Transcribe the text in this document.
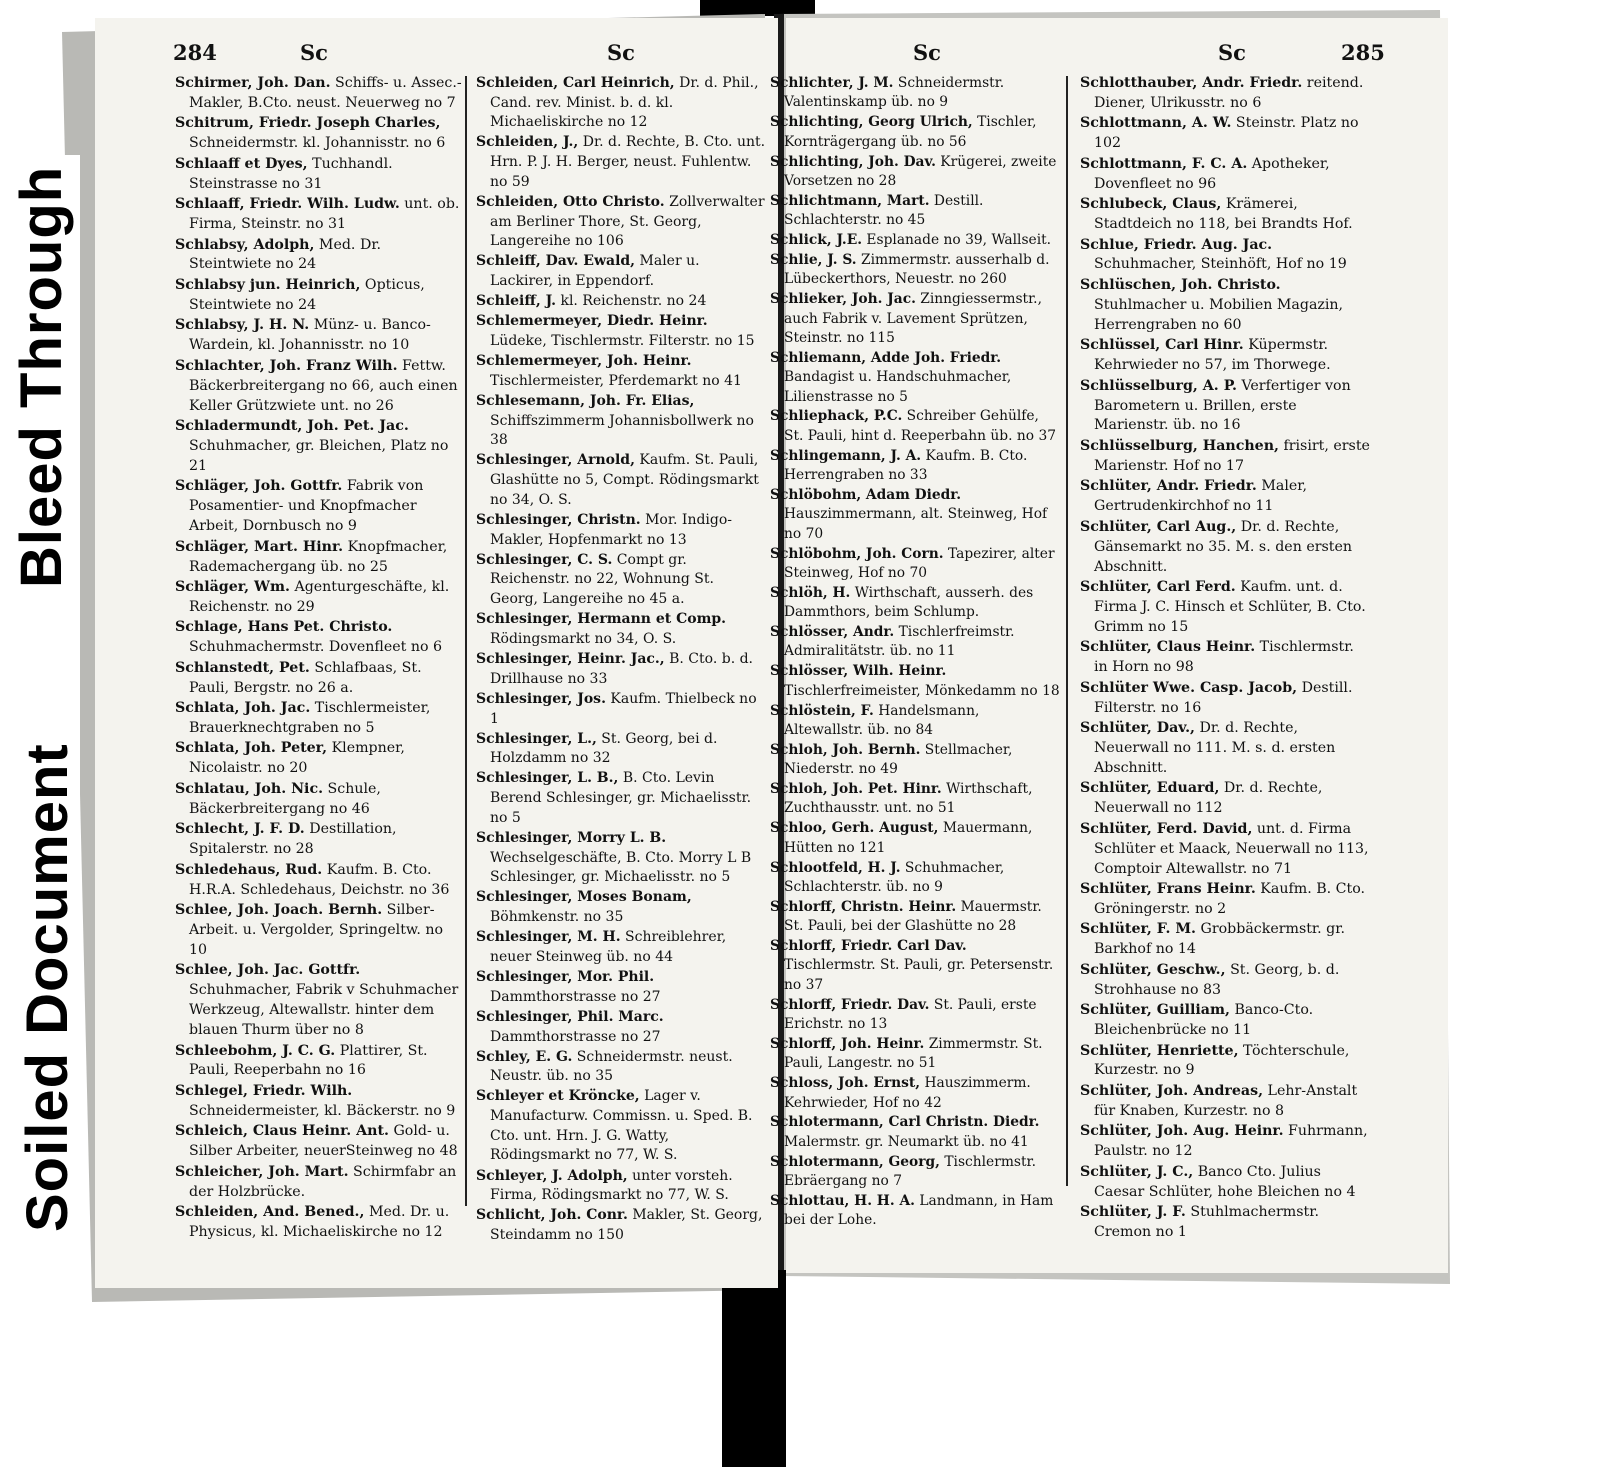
Bleed Through
Soiled Document
284	Sc	Sc
Schirmer, Joh. Dan. Schiffs- u. Assec.-Makler, B.Cto. neust. Neuerweg no 7
Schitrum, Friedr. Joseph Charles, Schneidermstr. kl. Johannisstr. no 6
Schlaaff et Dyes, Tuchhandl. Steinstrasse no 31
Schlaaff, Friedr. Wilh. Ludw. unt. ob. Firma, Steinstr. no 31
Schlabsy, Adolph, Med. Dr. Steintwiete no 24
Schlabsy jun. Heinrich, Opticus, Steintwiete no 24
Schlabsy, J. H. N. Münz- u. Banco-Wardein, kl. Johannisstr. no 10
Schlachter, Joh. Franz Wilh. Fettw. Bäckerbreitergang no 66, auch einen Keller Grützwiete unt. no 26
Schladermundt, Joh. Pet. Jac. Schuhmacher, gr. Bleichen, Platz no 21
Schläger, Joh. Gottfr. Fabrik von Posamentier- und Knopfmacher Arbeit, Dornbusch no 9
Schläger, Mart. Hinr. Knopfmacher, Rademachergang üb. no 25
Schläger, Wm. Agenturgeschäfte, kl. Reichenstr. no 29
Schlage, Hans Pet. Christo. Schuhmachermstr. Dovenfleet no 6
Schlanstedt, Pet. Schlafbaas, St. Pauli, Bergstr. no 26 a.
Schlata, Joh. Jac. Tischlermeister, Brauerknechtgraben no 5
Schlata, Joh. Peter, Klempner, Nicolaistr. no 20
Schlatau, Joh. Nic. Schule, Bäckerbreitergang no 46
Schlecht, J. F. D. Destillation, Spitalerstr. no 28
Schledehaus, Rud. Kaufm. B. Cto. H.R.A. Schledehaus, Deichstr. no 36
Schlee, Joh. Joach. Bernh. Silber-Arbeit. u. Vergolder, Springeltw. no 10
Schlee, Joh. Jac. Gottfr. Schuhmacher, Fabrik v Schuhmacher Werkzeug, Altewallstr. hinter dem blauen Thurm über no 8
Schleebohm, J. C. G. Plattirer, St. Pauli, Reeperbahn no 16
Schlegel, Friedr. Wilh. Schneidermeister, kl. Bäckerstr. no 9
Schleich, Claus Heinr. Ant. Gold- u. Silber Arbeiter, neuerSteinweg no 48
Schleicher, Joh. Mart. Schirmfabr an der Holzbrücke.
Schleiden, And. Bened., Med. Dr. u. Physicus, kl. Michaeliskirche no 12
Schleiden, Carl Heinrich, Dr. d. Phil., Cand. rev. Minist. b. d. kl. Michaeliskirche no 12
Schleiden, J., Dr. d. Rechte, B. Cto. unt. Hrn. P. J. H. Berger, neust. Fuhlentw. no 59
Schleiden, Otto Christo. Zollverwalter am Berliner Thore, St. Georg, Langereihe no 106
Schleiff, Dav. Ewald, Maler u. Lackirer, in Eppendorf.
Schleiff, J. kl. Reichenstr. no 24
Schlemermeyer, Diedr. Heinr. Lüdeke, Tischlermstr. Filterstr. no 15
Schlemermeyer, Joh. Heinr. Tischlermeister, Pferdemarkt no 41
Schlesemann, Joh. Fr. Elias, Schiffszimmerm Johannisbollwerk no 38
Schlesinger, Arnold, Kaufm. St. Pauli, Glashütte no 5, Compt. Rödingsmarkt no 34, O. S.
Schlesinger, Christn. Mor. Indigo-Makler, Hopfenmarkt no 13
Schlesinger, C. S. Compt gr. Reichenstr. no 22, Wohnung St. Georg, Langereihe no 45 a.
Schlesinger, Hermann et Comp. Rödingsmarkt no 34, O. S.
Schlesinger, Heinr. Jac., B. Cto. b. d. Drillhause no 33
Schlesinger, Jos. Kaufm. Thielbeck no 1
Schlesinger, L., St. Georg, bei d. Holzdamm no 32
Schlesinger, L. B., B. Cto. Levin Berend Schlesinger, gr. Michaelisstr. no 5
Schlesinger, Morry L. B. Wechselgeschäfte, B. Cto. Morry L B Schlesinger, gr. Michaelisstr. no 5
Schlesinger, Moses Bonam, Böhmkenstr. no 35
Schlesinger, M. H. Schreiblehrer, neuer Steinweg üb. no 44
Schlesinger, Mor. Phil. Dammthorstrasse no 27
Schlesinger, Phil. Marc. Dammthorstrasse no 27
Schley, E. G. Schneidermstr. neust. Neustr. üb. no 35
Schleyer et Kröncke, Lager v. Manufacturw. Commissn. u. Sped. B. Cto. unt. Hrn. J. G. Watty, Rödingsmarkt no 77, W. S.
Schleyer, J. Adolph, unter vorsteh. Firma, Rödingsmarkt no 77, W. S.
Schlicht, Joh. Conr. Makler, St. Georg, Steindamm no 150
Sc	Sc	285
Schlichter, J. M. Schneidermstr. Valentinskamp üb. no 9
Schlichting, Georg Ulrich, Tischler, Kornträgergang üb. no 56
Schlichting, Joh. Dav. Krügerei, zweite Vorsetzen no 28
Schlichtmann, Mart. Destill. Schlachterstr. no 45
Schlick, J.E. Esplanade no 39, Wallseit.
Schlie, J. S. Zimmermstr. ausserhalb d. Lübeckerthors, Neuestr. no 260
Schlieker, Joh. Jac. Zinngiessermstr., auch Fabrik v. Lavement Sprützen, Steinstr. no 115
Schliemann, Adde Joh. Friedr. Bandagist u. Handschuhmacher, Lilienstrasse no 5
Schliephack, P.C. Schreiber Gehülfe, St. Pauli, hint d. Reeperbahn üb. no 37
Schlingemann, J. A. Kaufm. B. Cto. Herrengraben no 33
Schlöbohm, Adam Diedr. Hauszimmermann, alt. Steinweg, Hof no 70
Schlöbohm, Joh. Corn. Tapezirer, alter Steinweg, Hof no 70
Schlöh, H. Wirthschaft, ausserh. des Dammthors, beim Schlump.
Schlösser, Andr. Tischlerfreimstr. Admiralitätstr. üb. no 11
Schlösser, Wilh. Heinr. Tischlerfreimeister, Mönkedamm no 18
Schlöstein, F. Handelsmann, Altewallstr. üb. no 84
Schloh, Joh. Bernh. Stellmacher, Niederstr. no 49
Schloh, Joh. Pet. Hinr. Wirthschaft, Zuchthausstr. unt. no 51
Schloo, Gerh. August, Mauermann, Hütten no 121
Schlootfeld, H. J. Schuhmacher, Schlachterstr. üb. no 9
Schlorff, Christn. Heinr. Mauermstr. St. Pauli, bei der Glashütte no 28
Schlorff, Friedr. Carl Dav. Tischlermstr. St. Pauli, gr. Petersenstr. no 37
Schlorff, Friedr. Dav. St. Pauli, erste Erichstr. no 13
Schlorff, Joh. Heinr. Zimmermstr. St. Pauli, Langestr. no 51
Schloss, Joh. Ernst, Hauszimmerm. Kehrwieder, Hof no 42
Schlotermann, Carl Christn. Diedr. Malermstr. gr. Neumarkt üb. no 41
Schlotermann, Georg, Tischlermstr. Ebräergang no 7
Schlottau, H. H. A. Landmann, in Ham bei der Lohe.
Schlotthauber, Andr. Friedr. reitend. Diener, Ulrikusstr. no 6
Schlottmann, A. W. Steinstr. Platz no 102
Schlottmann, F. C. A. Apotheker, Dovenfleet no 96
Schlubeck, Claus, Krämerei, Stadtdeich no 118, bei Brandts Hof.
Schlue, Friedr. Aug. Jac. Schuhmacher, Steinhöft, Hof no 19
Schlüschen, Joh. Christo. Stuhlmacher u. Mobilien Magazin, Herrengraben no 60
Schlüssel, Carl Hinr. Küpermstr. Kehrwieder no 57, im Thorwege.
Schlüsselburg, A. P. Verfertiger von Barometern u. Brillen, erste Marienstr. üb. no 16
Schlüsselburg, Hanchen, frisirt, erste Marienstr. Hof no 17
Schlüter, Andr. Friedr. Maler, Gertrudenkirchhof no 11
Schlüter, Carl Aug., Dr. d. Rechte, Gänsemarkt no 35. M. s. den ersten Abschnitt.
Schlüter, Carl Ferd. Kaufm. unt. d. Firma J. C. Hinsch et Schlüter, B. Cto. Grimm no 15
Schlüter, Claus Heinr. Tischlermstr. in Horn no 98
Schlüter Wwe. Casp. Jacob, Destill. Filterstr. no 16
Schlüter, Dav., Dr. d. Rechte, Neuerwall no 111. M. s. d. ersten Abschnitt.
Schlüter, Eduard, Dr. d. Rechte, Neuerwall no 112
Schlüter, Ferd. David, unt. d. Firma Schlüter et Maack, Neuerwall no 113, Comptoir Altewallstr. no 71
Schlüter, Frans Heinr. Kaufm. B. Cto. Gröningerstr. no 2
Schlüter, F. M. Grobbäckermstr. gr. Barkhof no 14
Schlüter, Geschw., St. Georg, b. d. Strohhause no 83
Schlüter, Guilliam, Banco-Cto. Bleichenbrücke no 11
Schlüter, Henriette, Töchterschule, Kurzestr. no 9
Schlüter, Joh. Andreas, Lehr-Anstalt für Knaben, Kurzestr. no 8
Schlüter, Joh. Aug. Heinr. Fuhrmann, Paulstr. no 12
Schlüter, J. C., Banco Cto. Julius Caesar Schlüter, hohe Bleichen no 4
Schlüter, J. F. Stuhlmachermstr. Cremon no 1
